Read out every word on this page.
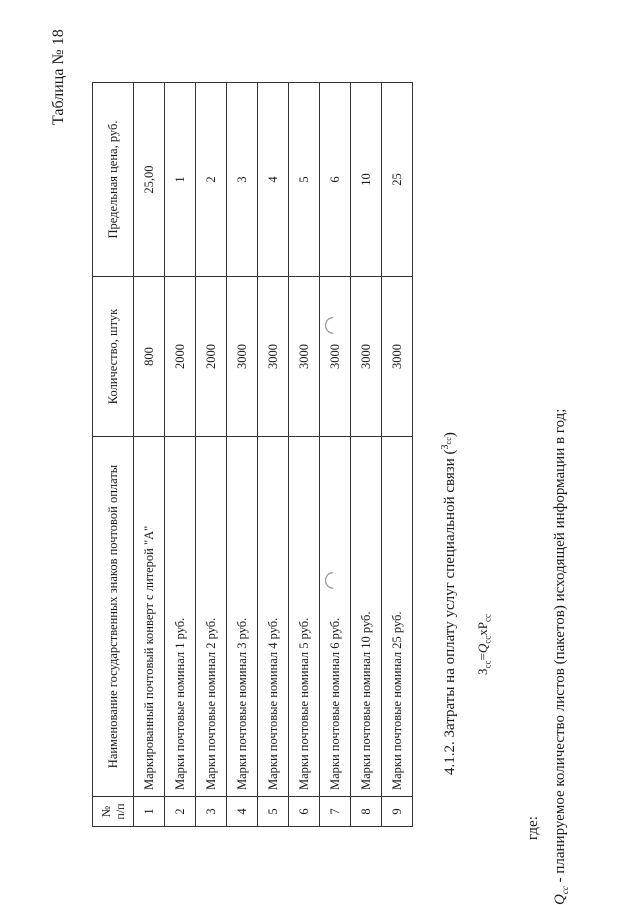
Таблица № 18
№ п/п	Наименование государственных знаков почтовой оплаты	Количество, штук	Предельная цена, руб.
1	Маркированный почтовый конверт с литерой "А"	800	25,00
2	Марки почтовые номинал 1 руб.	2000	1
3	Марки почтовые номинал 2 руб.	2000	2
4	Марки почтовые номинал 3 руб.	3000	3
5	Марки почтовые номинал 4 руб.	3000	4
6	Марки почтовые номинал 5 руб.	3000	5
7	Марки почтовые номинал 6 руб.	3000	6
8	Марки почтовые номинал 10 руб.	3000	10
9	Марки почтовые номинал 25 руб.	3000	25
4.1.2. Затраты на оплату услуг специальной связи ($^{З_{сс}}$)
$З_{сс}=Q_{сс}xP_{сс}$
где:
$Q_{сс}$ - планируемое количество листов (пакетов) исходящей информации в год;
◠
◠
